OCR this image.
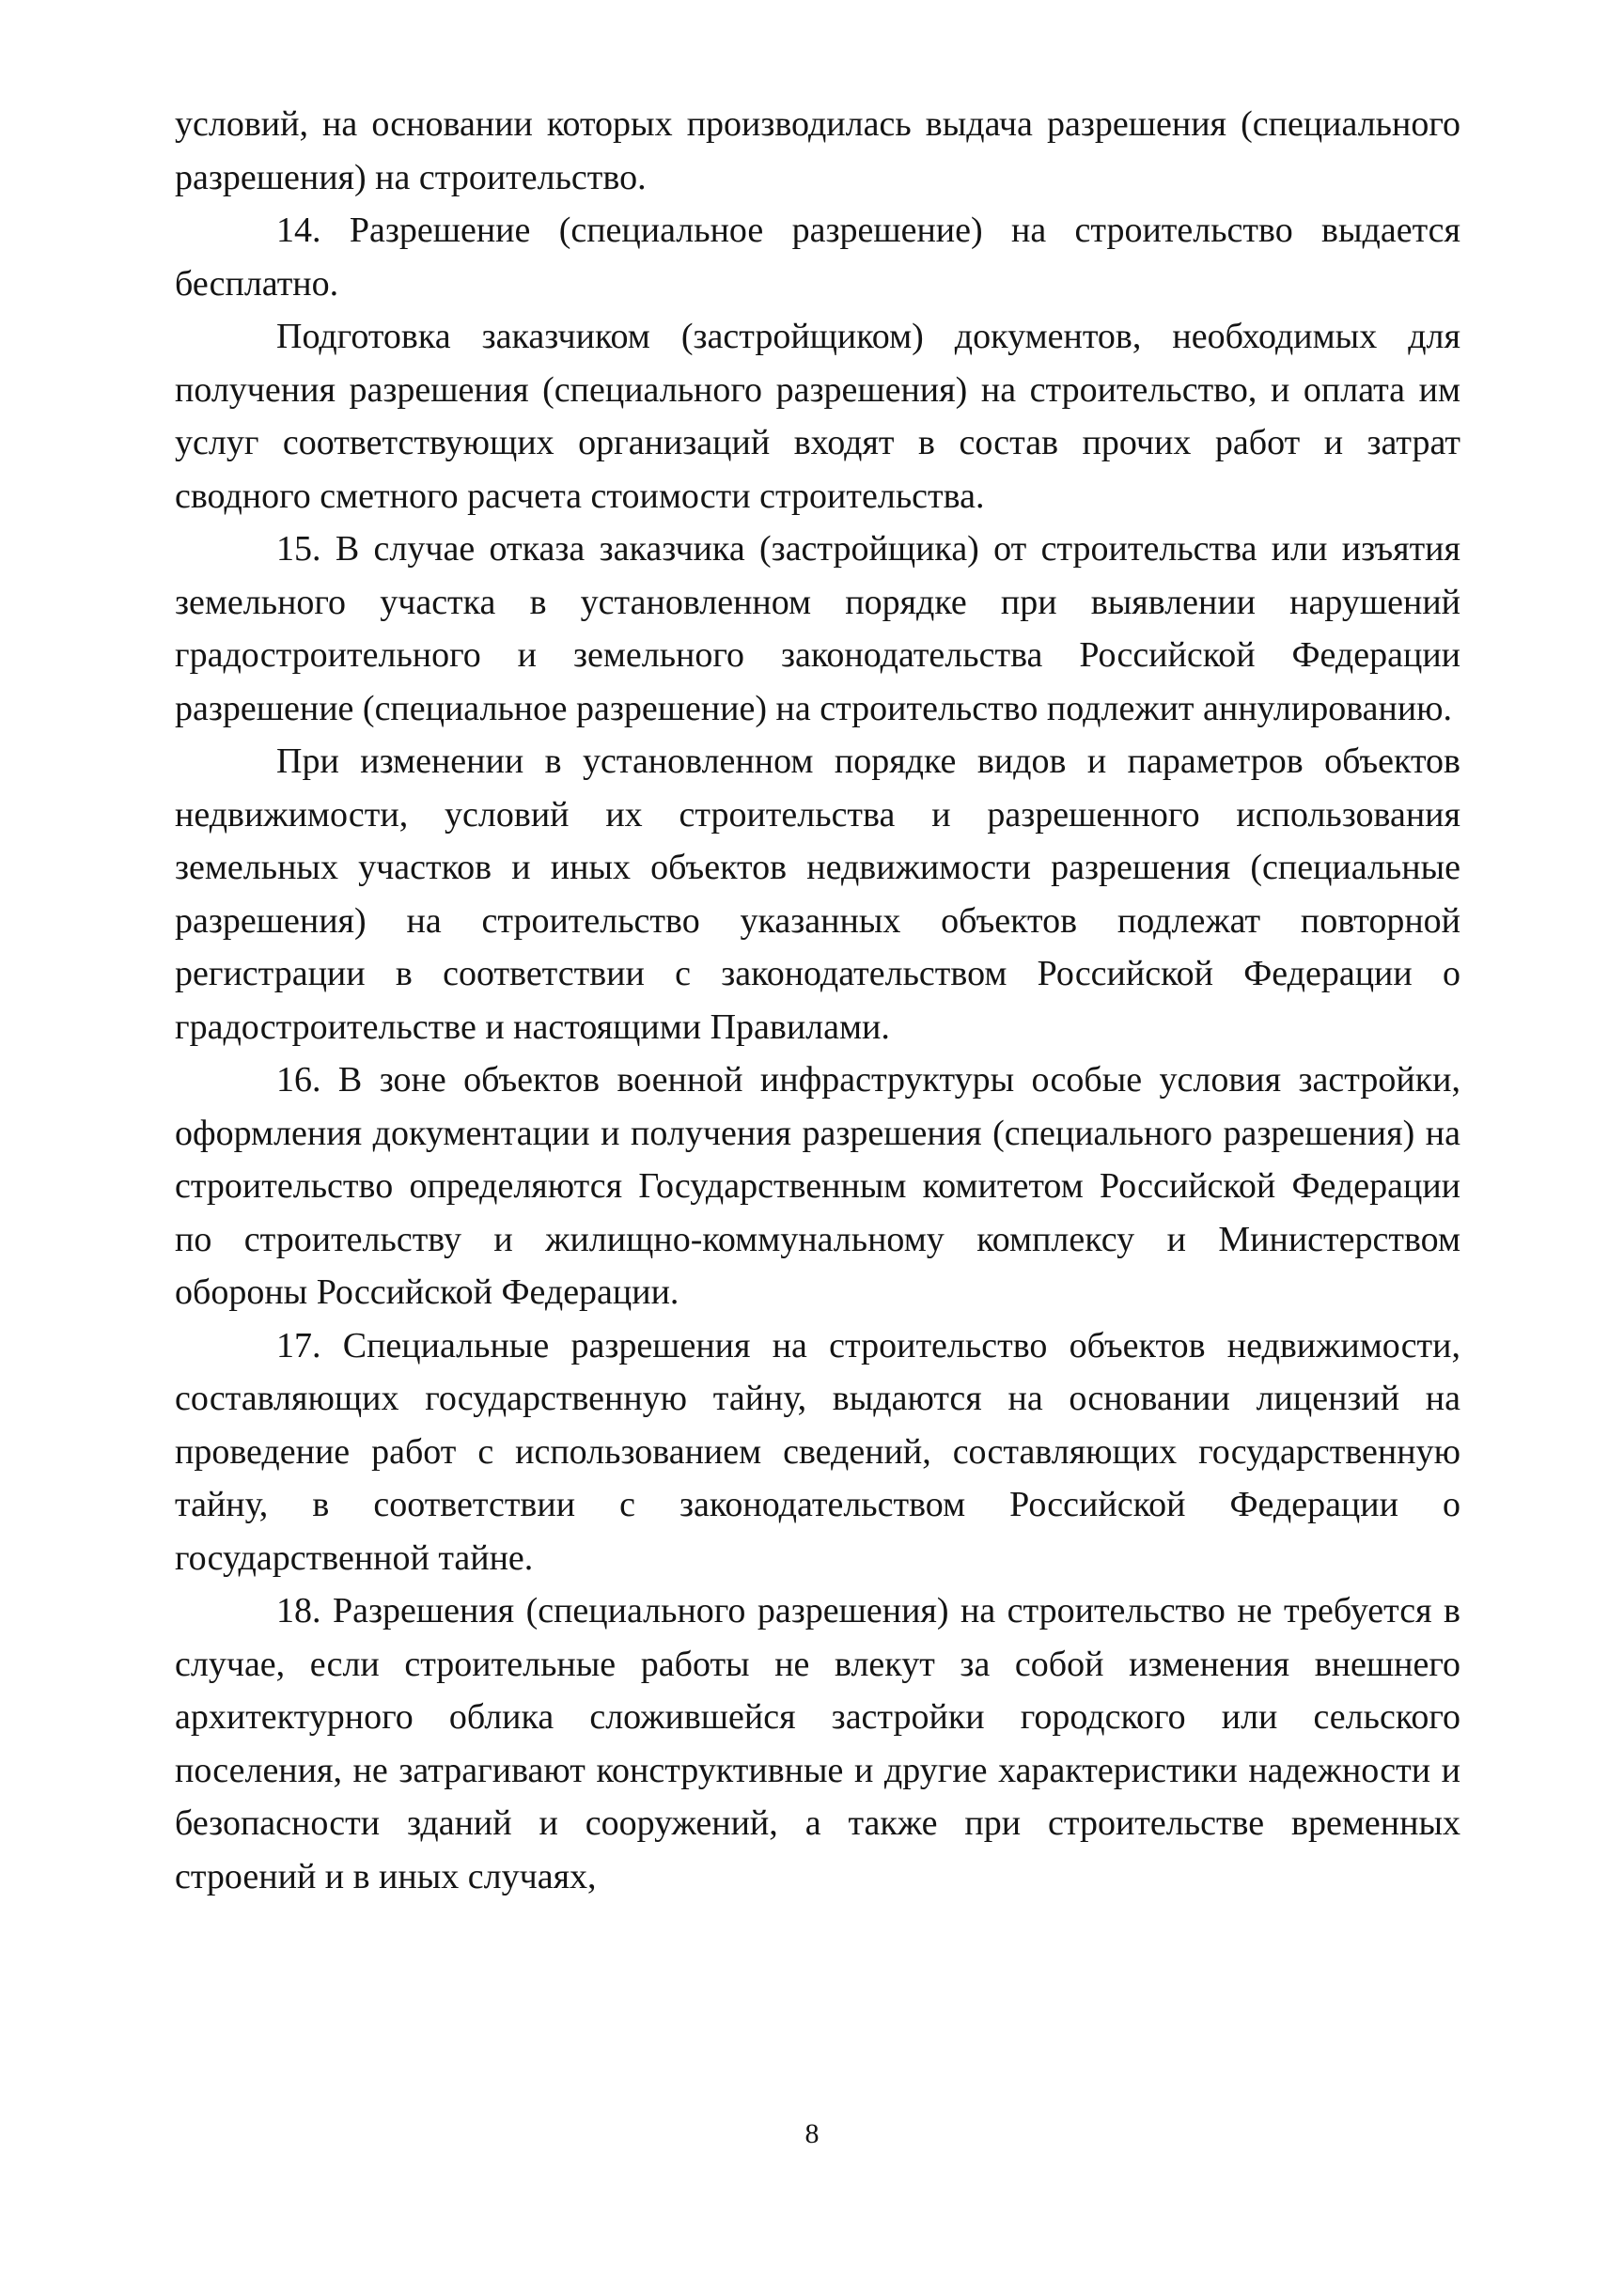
условий, на основании которых производилась выдача разрешения (специального разрешения) на строительство.

14. Разрешение (специальное разрешение) на строительство выдается бесплатно.

Подготовка заказчиком (застройщиком) документов, необходимых для получения разрешения (специального разрешения) на строительство, и оплата им услуг соответствующих организаций входят в состав прочих работ и затрат сводного сметного расчета стоимости строительства.

15. В случае отказа заказчика (застройщика) от строительства или изъятия земельного участка в установленном порядке при выявлении нарушений градостроительного и земельного законодательства Российской Федерации разрешение (специальное разрешение) на строительство подлежит аннулированию.

При изменении в установленном порядке видов и параметров объектов недвижимости, условий их строительства и разрешенного использования земельных участков и иных объектов недвижимости разрешения (специальные разрешения) на строительство указанных объектов подлежат повторной регистрации в соответствии с законодательством Российской Федерации о градостроительстве и настоящими Правилами.

16. В зоне объектов военной инфраструктуры особые условия застройки, оформления документации и получения разрешения (специального разрешения) на строительство определяются Государственным комитетом Российской Федерации по строительству и жилищно-коммунальному комплексу и Министерством обороны Российской Федерации.

17. Специальные разрешения на строительство объектов недвижимости, составляющих государственную тайну, выдаются на основании лицензий на проведение работ с использованием сведений, составляющих государственную тайну, в соответствии с законодательством Российской Федерации о государственной тайне.

18. Разрешения (специального разрешения) на строительство не требуется в случае, если строительные работы не влекут за собой изменения внешнего архитектурного облика сложившейся застройки городского или сельского поселения, не затрагивают конструктивные и другие характеристики надежности и безопасности зданий и сооружений, а также при строительстве временных строений и в иных случаях,

8
